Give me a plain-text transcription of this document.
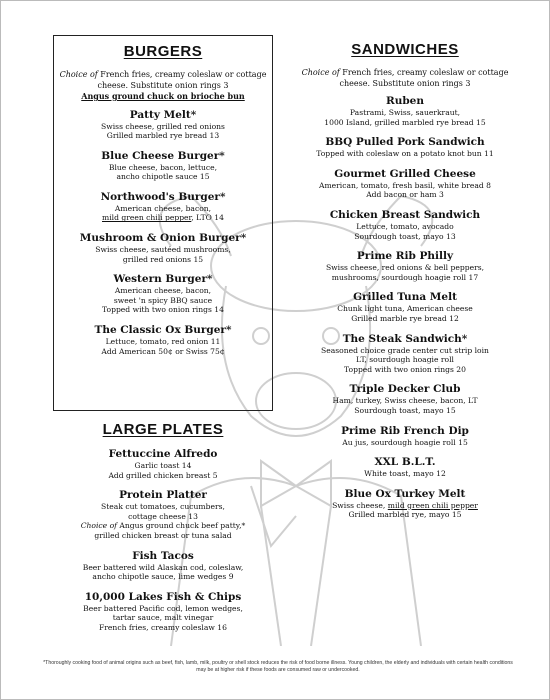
BURGERS
Choice of French fries, creamy coleslaw or cottage cheese. Substitute onion rings 3
Angus ground chuck on brioche bun
Patty Melt*
Swiss cheese, grilled red onions
Grilled marbled rye bread 13
Blue Cheese Burger*
Blue cheese, bacon, lettuce,
ancho chipotle sauce 15
Northwood's Burger*
American cheese, bacon,
mild green chili pepper, LTO 14
Mushroom & Onion Burger*
Swiss cheese, sautéed mushrooms,
grilled red onions 15
Western Burger*
American cheese, bacon,
sweet 'n spicy BBQ sauce
Topped with two onion rings 14
The Classic Ox Burger*
Lettuce, tomato, red onion 11
Add American 50¢ or Swiss 75¢
LARGE PLATES
Fettuccine Alfredo
Garlic toast 14
Add grilled chicken breast 5
Protein Platter
Steak cut tomatoes, cucumbers,
cottage cheese 13
Choice of Angus ground chuck beef patty,*
grilled chicken breast or tuna salad
Fish Tacos
Beer battered wild Alaskan cod, coleslaw,
ancho chipotle sauce, lime wedges 9
10,000 Lakes Fish & Chips
Beer battered Pacific cod, lemon wedges,
tartar sauce, malt vinegar
French fries, creamy coleslaw 16
SANDWICHES
Choice of French fries, creamy coleslaw or cottage cheese. Substitute onion rings 3
Ruben
Pastrami, Swiss, sauerkraut,
1000 Island, grilled marbled rye bread 15
BBQ Pulled Pork Sandwich
Topped with coleslaw on a potato knot bun 11
Gourmet Grilled Cheese
American, tomato, fresh basil, white bread 8
Add bacon or ham 3
Chicken Breast Sandwich
Lettuce, tomato, avocado
Sourdough toast, mayo 13
Prime Rib Philly
Swiss cheese, red onions & bell peppers,
mushrooms, sourdough hoagie roll 17
Grilled Tuna Melt
Chunk light tuna, American cheese
Grilled marble rye bread 12
The Steak Sandwich*
Seasoned choice grade center cut strip loin
LT, sourdough hoagie roll
Topped with two onion rings 20
Triple Decker Club
Ham, turkey, Swiss cheese, bacon, LT
Sourdough toast, mayo 15
Prime Rib French Dip
Au jus, sourdough hoagie roll 15
XXL B.L.T.
White toast, mayo 12
Blue Ox Turkey Melt
Swiss cheese, mild green chili pepper
Grilled marbled rye, mayo 15
*Thoroughly cooking food of animal origins such as beef, fish, lamb, milk, poultry or shell stock reduces the risk of food borne illness. Young children, the elderly and individuals with certain health conditions may be at higher risk if these foods are consumed raw or undercooked.
